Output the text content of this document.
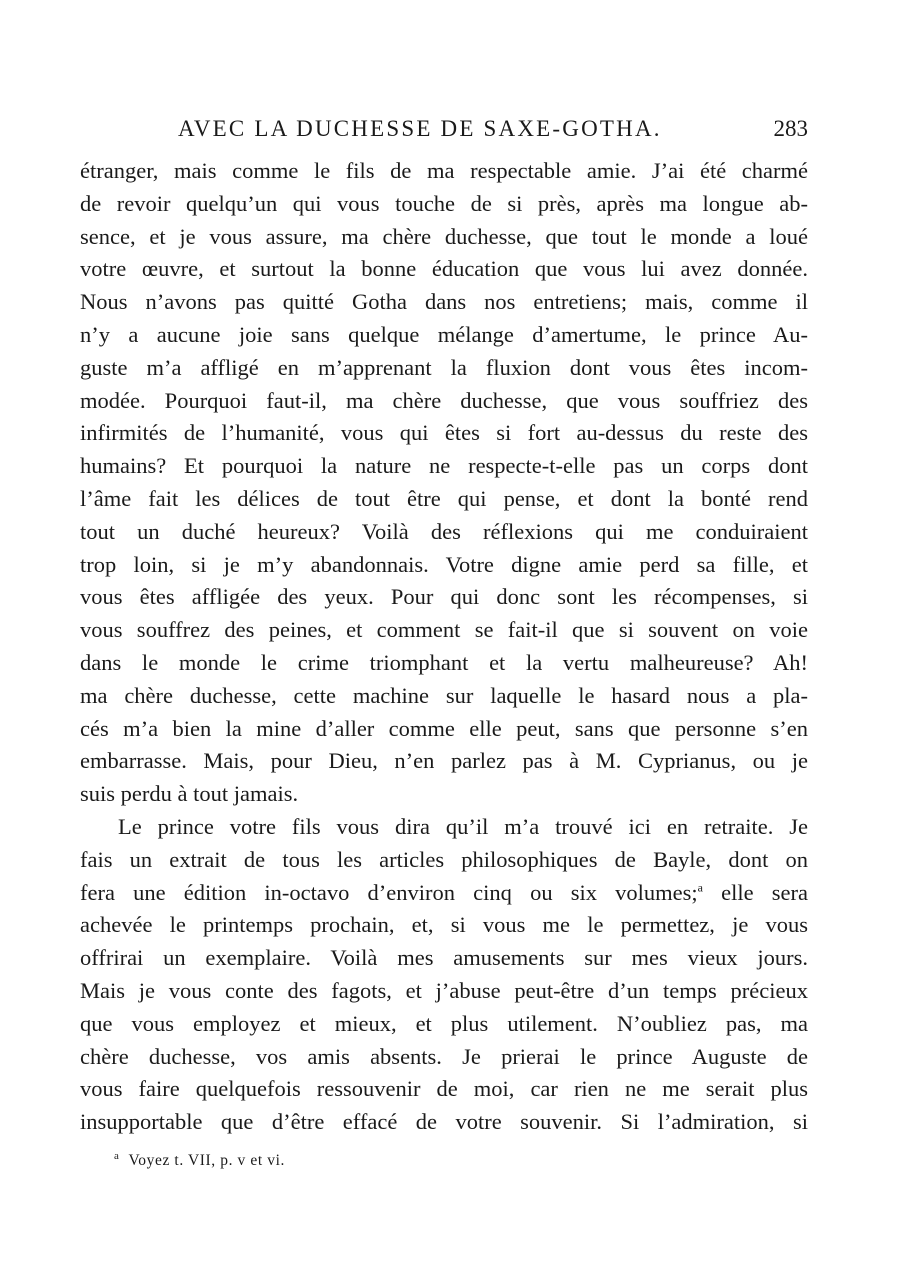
AVEC LA DUCHESSE DE SAXE-GOTHA.	283
étranger, mais comme le fils de ma respectable amie. J’ai été charmé
de revoir quelqu’un qui vous touche de si près, après ma longue ab-
sence, et je vous assure, ma chère duchesse, que tout le monde a loué
votre œuvre, et surtout la bonne éducation que vous lui avez donnée.
Nous n’avons pas quitté Gotha dans nos entretiens; mais, comme il
n’y a aucune joie sans quelque mélange d’amertume, le prince Au-
guste m’a affligé en m’apprenant la fluxion dont vous êtes incom-
modée. Pourquoi faut-il, ma chère duchesse, que vous souffriez des
infirmités de l’humanité, vous qui êtes si fort au-dessus du reste des
humains? Et pourquoi la nature ne respecte-t-elle pas un corps dont
l’âme fait les délices de tout être qui pense, et dont la bonté rend
tout un duché heureux? Voilà des réflexions qui me conduiraient
trop loin, si je m’y abandonnais. Votre digne amie perd sa fille, et
vous êtes affligée des yeux. Pour qui donc sont les récompenses, si
vous souffrez des peines, et comment se fait-il que si souvent on voie
dans le monde le crime triomphant et la vertu malheureuse? Ah!
ma chère duchesse, cette machine sur laquelle le hasard nous a pla-
cés m’a bien la mine d’aller comme elle peut, sans que personne s’en
embarrasse. Mais, pour Dieu, n’en parlez pas à M. Cyprianus, ou je
suis perdu à tout jamais.
Le prince votre fils vous dira qu’il m’a trouvé ici en retraite. Je
fais un extrait de tous les articles philosophiques de Bayle, dont on
fera une édition in-octavo d’environ cinq ou six volumes;$^a$ elle sera
achevée le printemps prochain, et, si vous me le permettez, je vous
offrirai un exemplaire. Voilà mes amusements sur mes vieux jours.
Mais je vous conte des fagots, et j’abuse peut-être d’un temps précieux
que vous employez et mieux, et plus utilement. N’oubliez pas, ma
chère duchesse, vos amis absents. Je prierai le prince Auguste de
vous faire quelquefois ressouvenir de moi, car rien ne me serait plus
insupportable que d’être effacé de votre souvenir. Si l’admiration, si
$^a$ Voyez t. VII, p. v et vi.
